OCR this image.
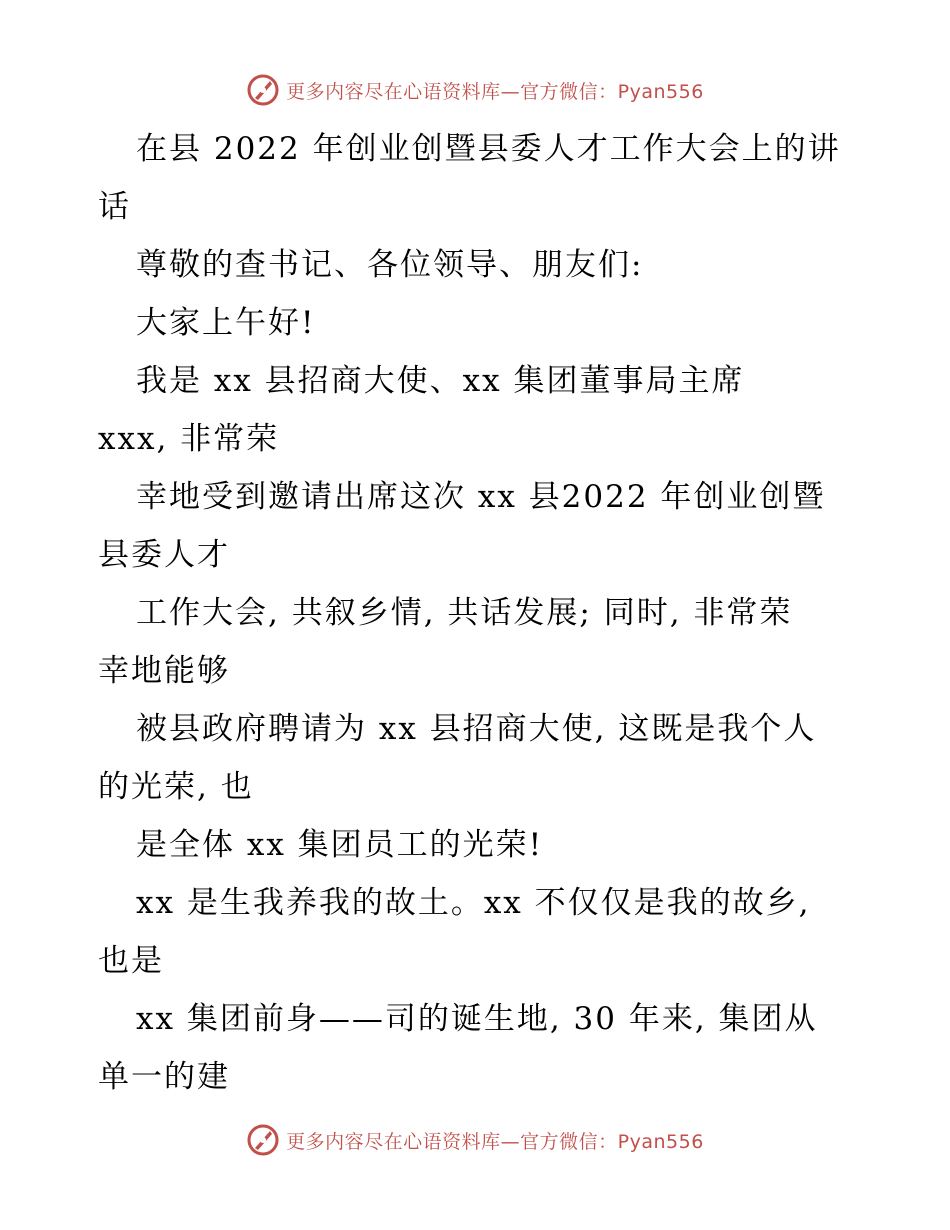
更多内容尽在心语资料库—官方微信：Pyan556
在县 2022 年创业创暨县委人才工作大会上的讲
话
尊敬的查书记、各位领导、朋友们:
大家上午好!
我是 xx 县招商大使、xx 集团董事局主席
xxx, 非常荣
幸地受到邀请出席这次 xx 县2022 年创业创暨
县委人才
工作大会, 共叙乡情, 共话发展; 同时, 非常荣
幸地能够
被县政府聘请为 xx 县招商大使, 这既是我个人
的光荣, 也
是全体 xx 集团员工的光荣!
xx 是生我养我的故土。xx 不仅仅是我的故乡,
也是
xx 集团前身——司的诞生地, 30 年来, 集团从
单一的建
更多内容尽在心语资料库—官方微信：Pyan556
